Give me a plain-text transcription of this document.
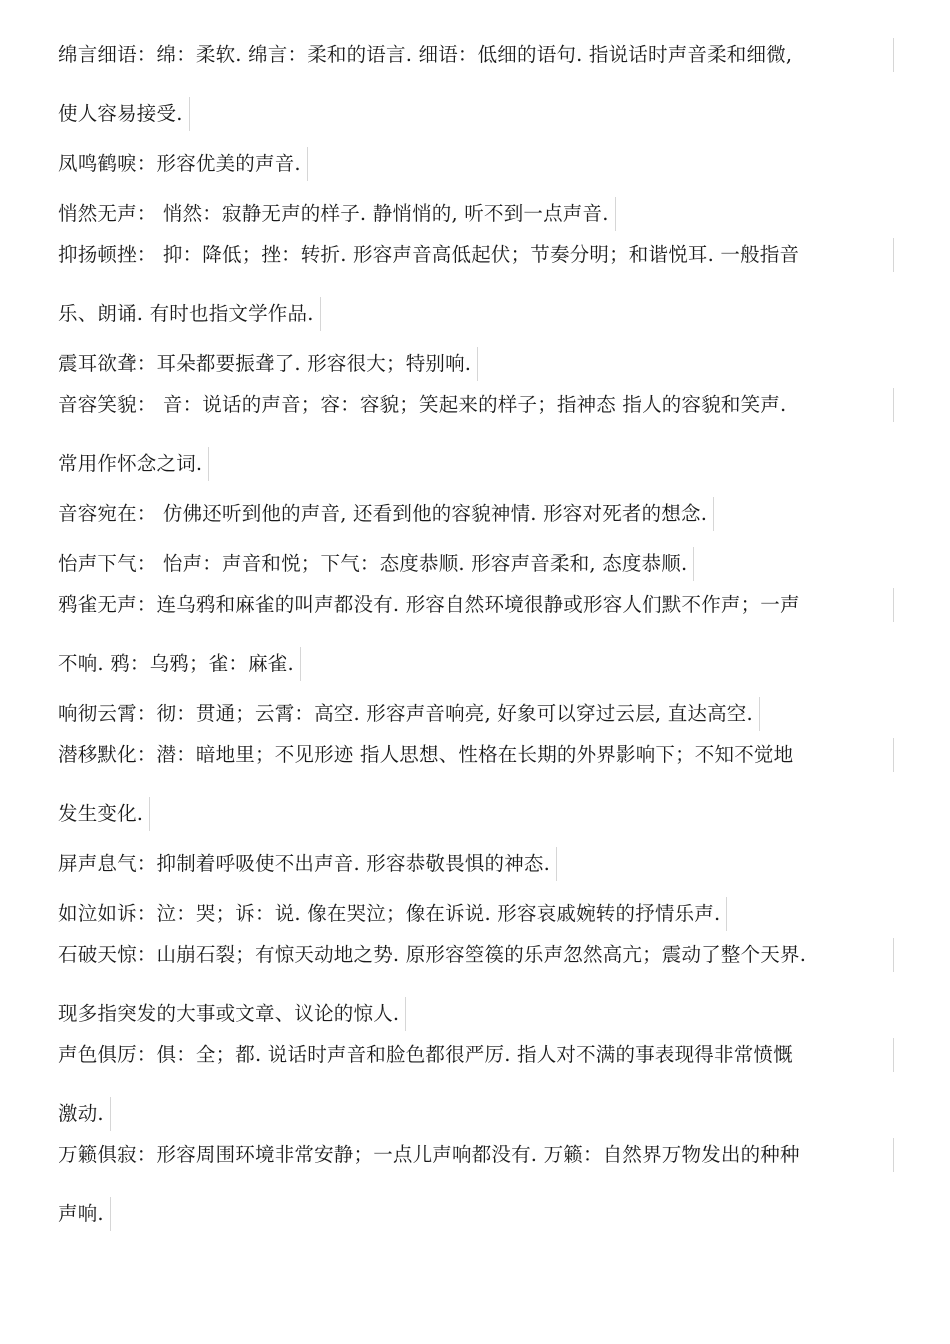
绵言细语：绵：柔软. 绵言：柔和的语言. 细语：低细的语句. 指说话时声音柔和细微,
使人容易接受.
凤鸣鹤唳：形容优美的声音.
悄然无声： 悄然：寂静无声的样子. 静悄悄的, 听不到一点声音.
抑扬顿挫： 抑：降低；挫：转折. 形容声音高低起伏；节奏分明；和谐悦耳. 一般指音
乐、朗诵. 有时也指文学作品.
震耳欲聋：耳朵都要振聋了. 形容很大；特别响.
音容笑貌： 音：说话的声音；容：容貌；笑起来的样子；指神态 指人的容貌和笑声.
常用作怀念之词.
音容宛在： 仿佛还听到他的声音, 还看到他的容貌神情. 形容对死者的想念.
怡声下气： 怡声：声音和悦；下气：态度恭顺. 形容声音柔和, 态度恭顺.
鸦雀无声：连乌鸦和麻雀的叫声都没有. 形容自然环境很静或形容人们默不作声；一声
不响. 鸦：乌鸦；雀：麻雀.
响彻云霄：彻：贯通；云霄：高空. 形容声音响亮, 好象可以穿过云层, 直达高空.
潜移默化：潜：暗地里；不见形迹 指人思想、性格在长期的外界影响下；不知不觉地
发生变化.
屏声息气：抑制着呼吸使不出声音. 形容恭敬畏惧的神态.
如泣如诉：泣：哭；诉：说. 像在哭泣；像在诉说. 形容哀戚婉转的抒情乐声.
石破天惊：山崩石裂；有惊天动地之势. 原形容箜篌的乐声忽然高亢；震动了整个天界.
现多指突发的大事或文章、议论的惊人.
声色俱厉：俱：全；都. 说话时声音和脸色都很严厉. 指人对不满的事表现得非常愤慨
激动.
万籁俱寂：形容周围环境非常安静；一点儿声响都没有. 万籁：自然界万物发出的种种
声响.
